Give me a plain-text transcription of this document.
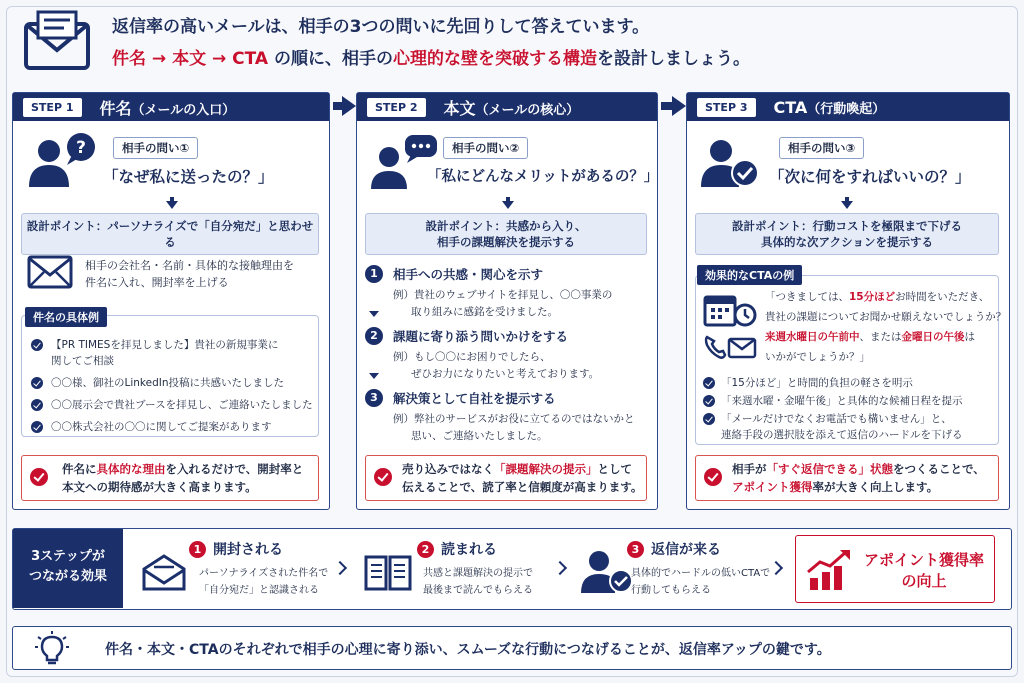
返信率の高いメールは、相手の3つの問いに先回りして答えています。
件名 → 本文 → CTA の順に、相手の心理的な壁を突破する構造を設計しましょう。
STEP 1	件名（メールの入口）
?	相手の問い①
「なぜ私に送ったの？」
設計ポイント：パーソナライズで「自分宛だ」と思わせる
相手の会社名・名前・具体的な接触理由を
件名に入れ、開封率を上げる
件名の具体例
【PR TIMESを拝見しました】貴社の新規事業に
関してご相談
〇〇様、御社のLinkedIn投稿に共感いたしました
〇〇展示会で貴社ブースを拝見し、ご連絡いたしました
〇〇株式会社の〇〇に関してご提案があります
件名に具体的な理由を入れるだけで、開封率と
本文への期待感が大きく高まります。
STEP 2	本文（メールの核心）
相手の問い②
「私にどんなメリットがあるの？」
設計ポイント：共感から入り、
相手の課題解決を提示する
1	相手への共感・関心を示す
例）貴社のウェブサイトを拝見し、〇〇事業の
取り組みに感銘を受けました。
2	課題に寄り添う問いかけをする
例）もし〇〇にお困りでしたら、
ぜひお力になりたいと考えております。
3	解決策として自社を提示する
例）弊社のサービスがお役に立てるのではないかと
思い、ご連絡いたしました。
売り込みではなく「課題解決の提示」として
伝えることで、読了率と信頼度が高まります。
STEP 3	CTA（行動喚起）
相手の問い③
「次に何をすればいいの？」
設計ポイント：行動コストを極限まで下げる
具体的な次アクションを提示する
効果的なCTAの例
「つきましては、15分ほどお時間をいただき、
貴社の課題についてお聞かせ願えないでしょうか？
来週水曜日の午前中、または金曜日の午後は
いかがでしょうか？」
「15分ほど」と時間的負担の軽さを明示
「来週水曜・金曜午後」と具体的な候補日程を提示
「メールだけでなくお電話でも構いません」と、
連絡手段の選択肢を添えて返信のハードルを下げる
相手が「すぐ返信できる」状態をつくることで、
アポイント獲得率が大きく向上します。
3ステップが
つながる効果
1 開封される
パーソナライズされた件名で
「自分宛だ」と認識される
2 読まれる
共感と課題解決の提示で
最後まで読んでもらえる
3 返信が来る
具体的でハードルの低いCTAで
行動してもらえる
アポイント獲得率
の向上
件名・本文・CTAのそれぞれで相手の心理に寄り添い、スムーズな行動につなげることが、返信率アップの鍵です。
